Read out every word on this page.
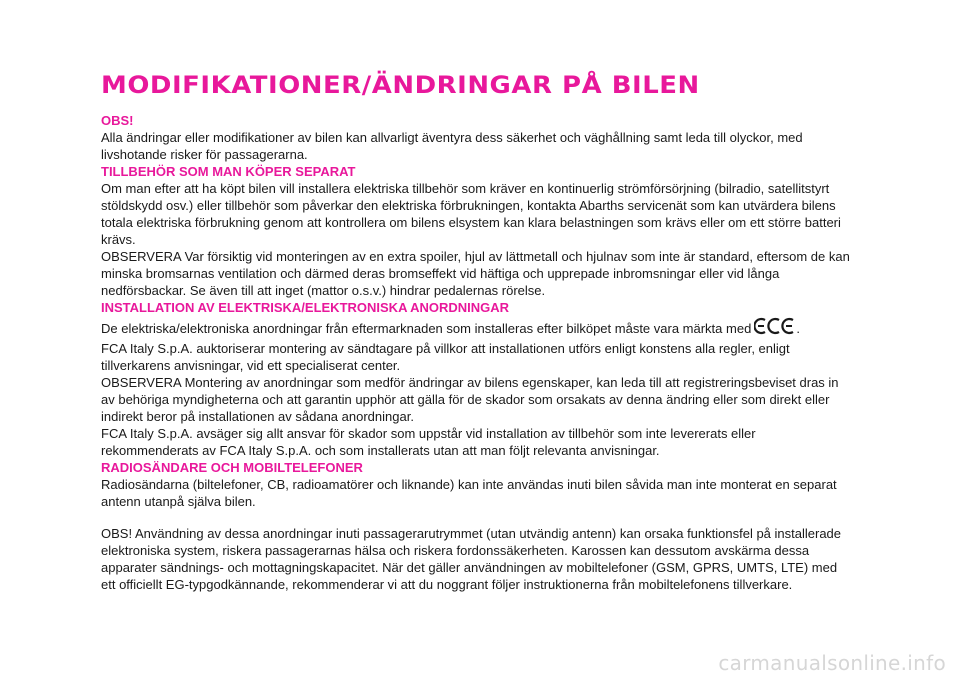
MODIFIKATIONER/ÄNDRINGAR PÅ BILEN

OBS!

Alla ändringar eller modifikationer av bilen kan allvarligt äventyra dess säkerhet och väghållning samt leda till olyckor, med livshotande risker för passagerarna.

TILLBEHÖR SOM MAN KÖPER SEPARAT

Om man efter att ha köpt bilen vill installera elektriska tillbehör som kräver en kontinuerlig strömförsörjning (bilradio, satellitstyrt stöldskydd osv.) eller tillbehör som påverkar den elektriska förbrukningen, kontakta Abarths servicenät som kan utvärdera bilens totala elektriska förbrukning genom att kontrollera om bilens elsystem kan klara belastningen som krävs eller om ett större batteri krävs.

OBSERVERA Var försiktig vid monteringen av en extra spoiler, hjul av lättmetall och hjulnav som inte är standard, eftersom de kan minska bromsarnas ventilation och därmed deras bromseffekt vid häftiga och upprepade inbromsningar eller vid långa nedförsbackar. Se även till att inget (mattor o.s.v.) hindrar pedalernas rörelse.

INSTALLATION AV ELEKTRISKA/ELEKTRONISKA ANORDNINGAR

De elektriska/elektroniska anordningar från eftermarknaden som installeras efter bilköpet måste vara märkta med	.

FCA Italy S.p.A. auktoriserar montering av sändtagare på villkor att installationen utförs enligt konstens alla regler, enligt tillverkarens anvisningar, vid ett specialiserat center.

OBSERVERA Montering av anordningar som medför ändringar av bilens egenskaper, kan leda till att registreringsbeviset dras in av behöriga myndigheterna och att garantin upphör att gälla för de skador som orsakats av denna ändring eller som direkt eller indirekt beror på installationen av sådana anordningar.

FCA Italy S.p.A. avsäger sig allt ansvar för skador som uppstår vid installation av tillbehör som inte levererats eller rekommenderats av FCA Italy S.p.A. och som installerats utan att man följt relevanta anvisningar.

RADIOSÄNDARE OCH MOBILTELEFONER

Radiosändarna (biltelefoner, CB, radioamatörer och liknande) kan inte användas inuti bilen såvida man inte monterat en separat antenn utanpå själva bilen.

OBS! Användning av dessa anordningar inuti passagerarutrymmet (utan utvändig antenn) kan orsaka funktionsfel på installerade elektroniska system, riskera passagerarnas hälsa och riskera fordonssäkerheten. Karossen kan dessutom avskärma dessa apparater sändnings- och mottagningskapacitet. När det gäller användningen av mobiltelefoner (GSM, GPRS, UMTS, LTE) med ett officiellt EG-typgodkännande, rekommenderar vi att du noggrant följer instruktionerna från mobiltelefonens tillverkare.

carmanualsonline.info
